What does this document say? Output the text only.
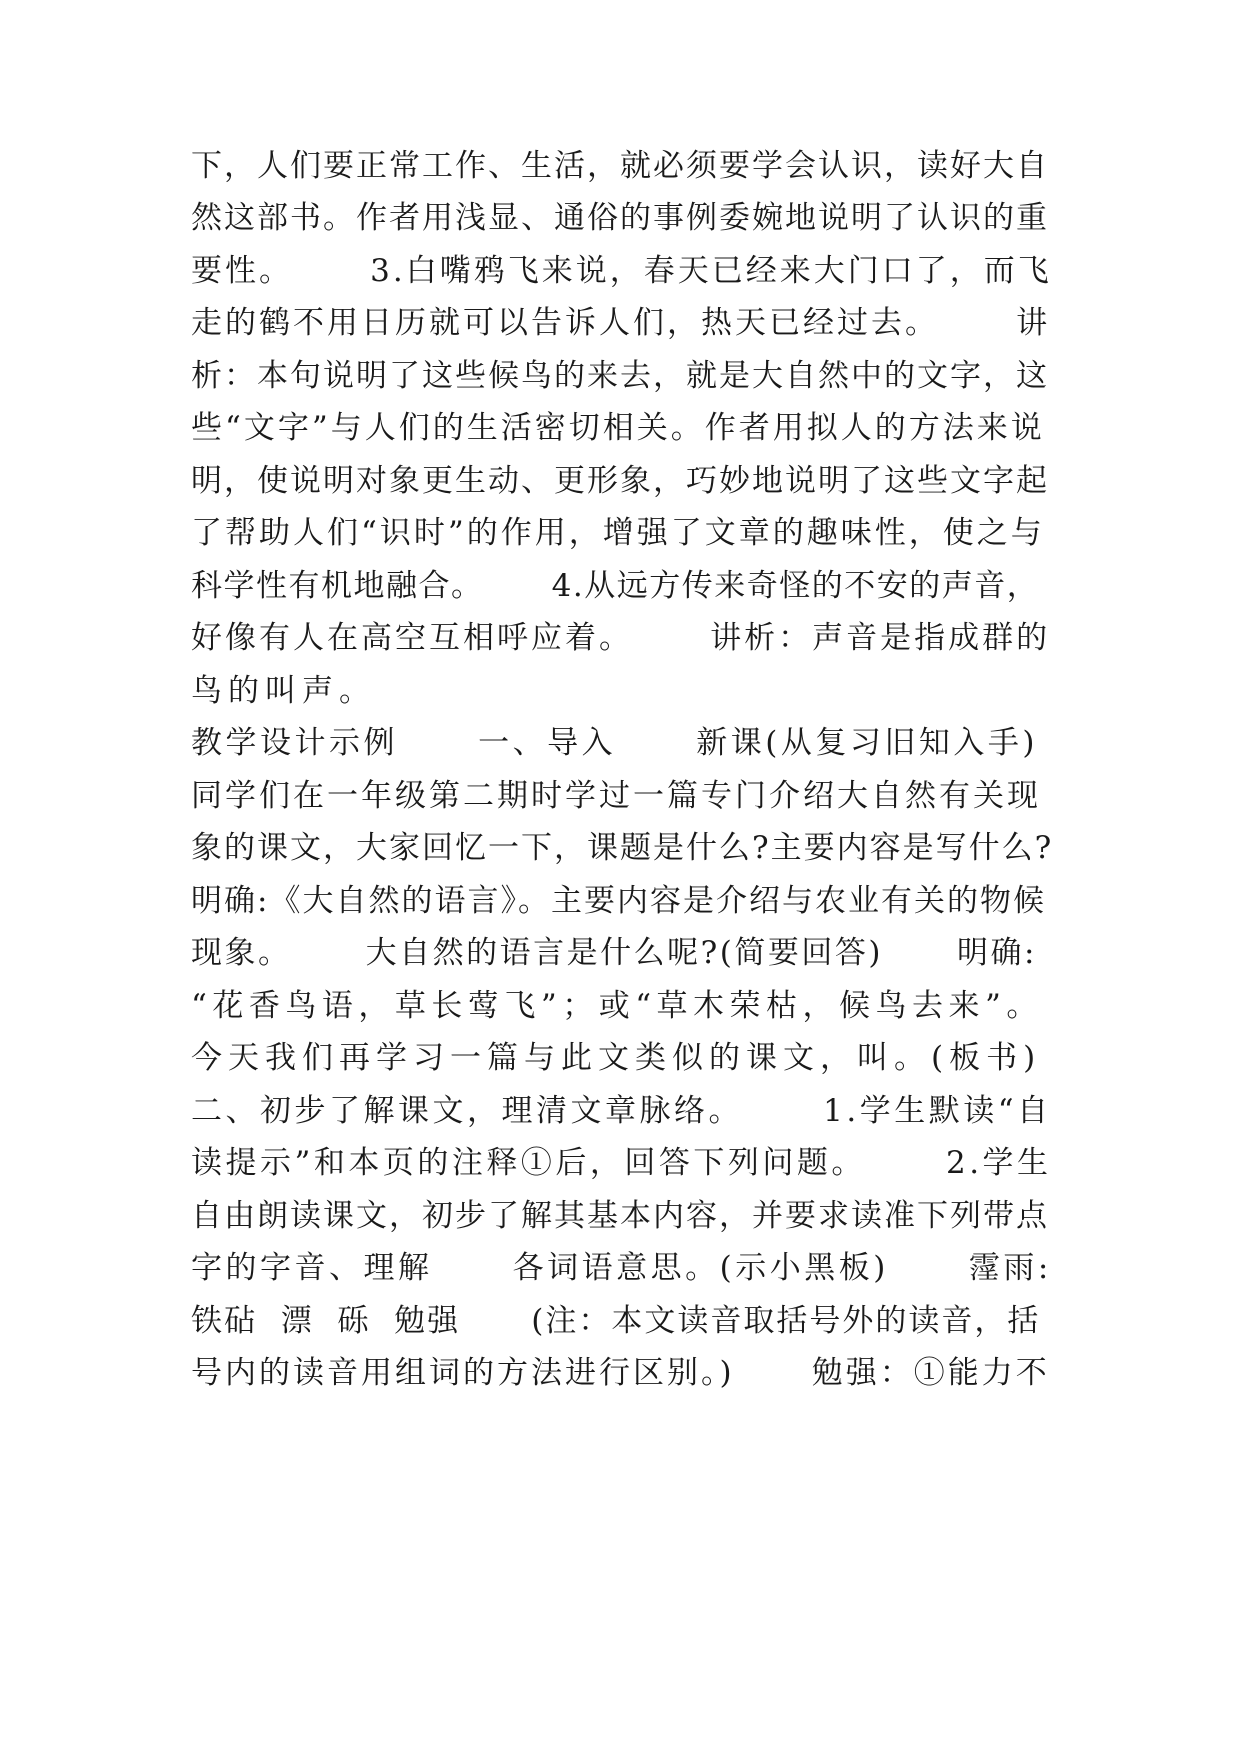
下，人们要正常工作、生活，就必须要学会认识，读好大自
然这部书。作者用浅显、通俗的事例委婉地说明了认识的重
要性。      3.白嘴鸦飞来说，春天已经来大门口了，而飞
走的鹤不用日历就可以告诉人们，热天已经过去。      讲
析：本句说明了这些候鸟的来去，就是大自然中的文字，这
些“文字”与人们的生活密切相关。作者用拟人的方法来说
明，使说明对象更生动、更形象，巧妙地说明了这些文字起
了帮助人们“识时”的作用，增强了文章的趣味性，使之与
科学性有机地融合。      4.从远方传来奇怪的不安的声音，
好像有人在高空互相呼应着。      讲析：声音是指成群的
鸟的叫声。
教学设计示例      一、导入      新课(从复习旧知入手)
同学们在一年级第二期时学过一篇专门介绍大自然有关现
象的课文，大家回忆一下，课题是什么?主要内容是写什么?
明确:《大自然的语言》。主要内容是介绍与农业有关的物候
现象。      大自然的语言是什么呢?(简要回答)      明确:
“花香鸟语，草长莺飞”；或“草木荣枯，候鸟去来”。
今天我们再学习一篇与此文类似的课文，叫。(板书)
二、初步了解课文，理清文章脉络。      1.学生默读“自
读提示”和本页的注释①后，回答下列问题。      2.学生
自由朗读课文，初步了解其基本内容，并要求读准下列带点
字的字音、理解      各词语意思。(示小黑板)      霪雨:
铁砧  漂  砾  勉强      (注：本文读音取括号外的读音，括
号内的读音用组词的方法进行区别。)      勉强：①能力不
